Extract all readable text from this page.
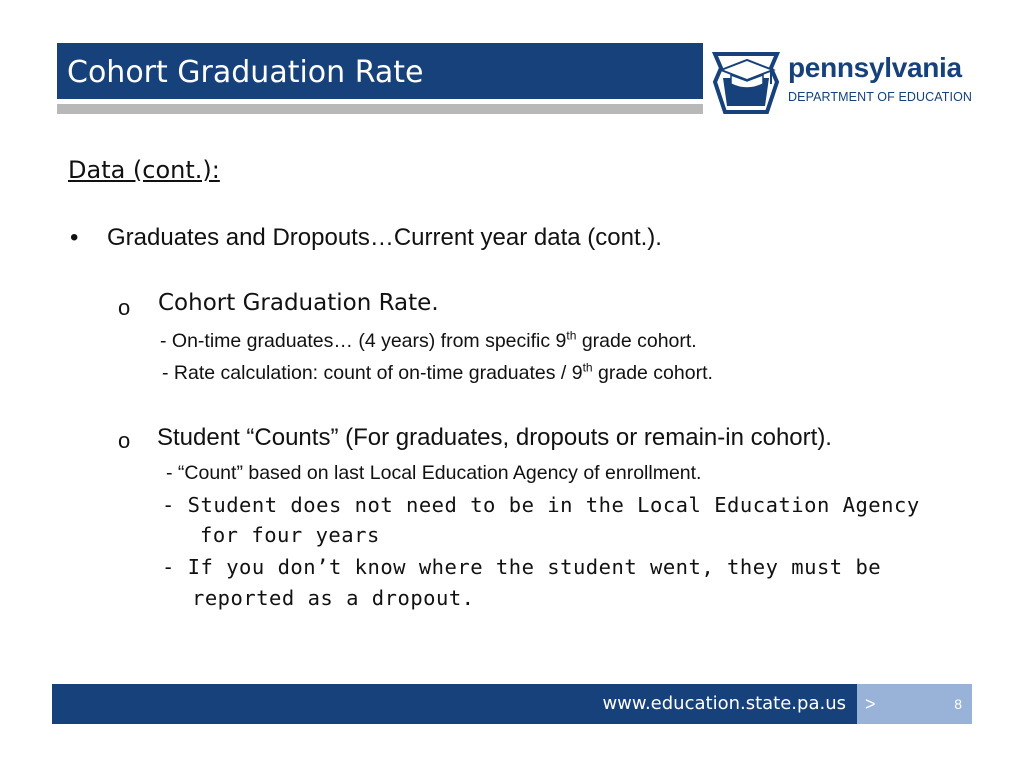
Cohort Graduation Rate	pennsylvania
DEPARTMENT OF EDUCATION
Data (cont.):
• Graduates and Dropouts…Current year data (cont.).
o Cohort Graduation Rate.
- On-time graduates… (4 years) from specific 9th grade cohort.
- Rate calculation: count of on-time graduates / 9th grade cohort.
o Student “Counts” (For graduates, dropouts or remain-in cohort).
- “Count” based on last Local Education Agency of enrollment.
- Student does not need to be in the Local Education Agency
for four years
- If you don’t know where the student went, they must be
reported as a dropout.
www.education.state.pa.us >	8
